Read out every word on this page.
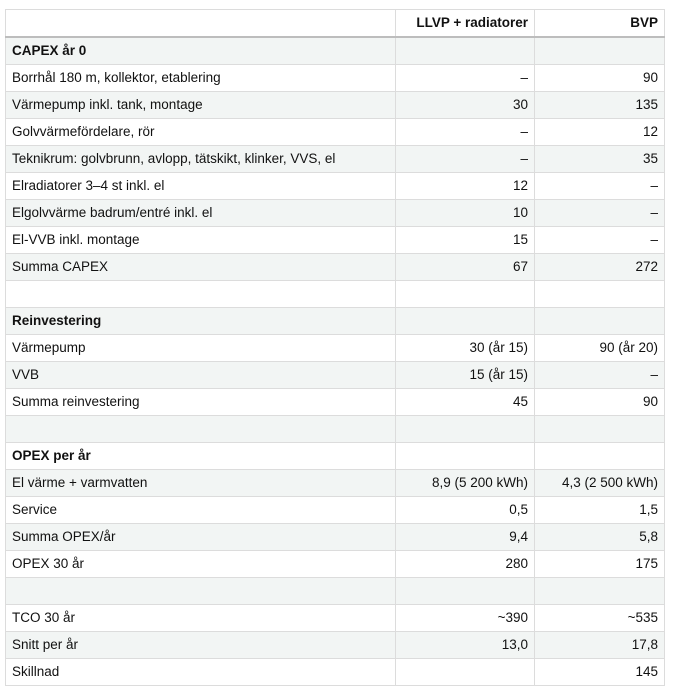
	LLVP + radiatorer	BVP
CAPEX år 0		
Borrhål 180 m, kollektor, etablering	–	90
Värmepump inkl. tank, montage	30	135
Golvvärmefördelare, rör	–	12
Teknikrum: golvbrunn, avlopp, tätskikt, klinker, VVS, el	–	35
Elradiatorer 3–4 st inkl. el	12	–
Elgolvvärme badrum/entré inkl. el	10	–
El-VVB inkl. montage	15	–
Summa CAPEX	67	272

Reinvestering		
Värmepump	30 (år 15)	90 (år 20)
VVB	15 (år 15)	–
Summa reinvestering	45	90

OPEX per år		
El värme + varmvatten	8,9 (5 200 kWh)	4,3 (2 500 kWh)
Service	0,5	1,5
Summa OPEX/år	9,4	5,8
OPEX 30 år	280	175

TCO 30 år	~390	~535
Snitt per år	13,0	17,8
Skillnad		145
